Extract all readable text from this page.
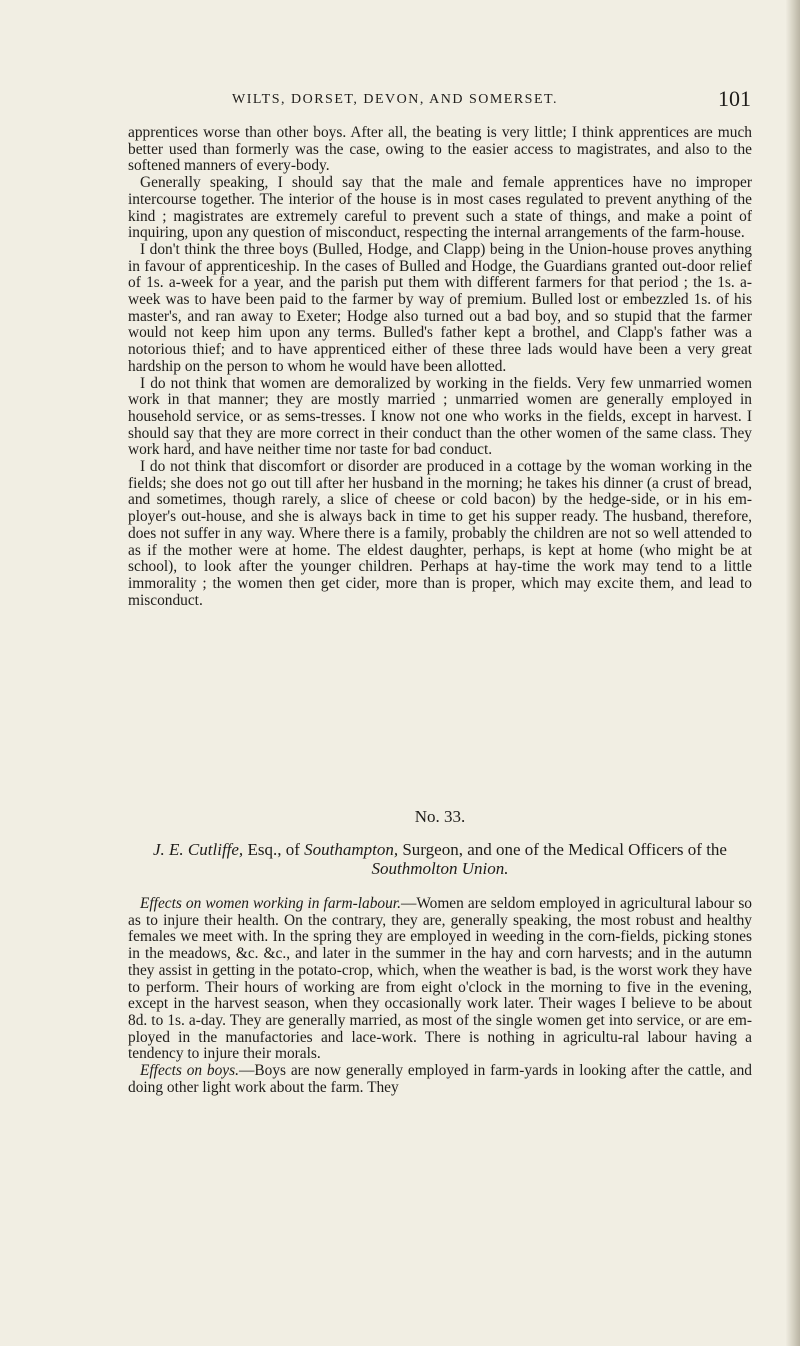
WILTS, DORSET, DEVON, AND SOMERSET.	101

apprentices worse than other boys. After all, the beating is very little; I think apprentices are much better used than formerly was the case, owing to the easier access to magistrates, and also to the softened manners of every-body.

Generally speaking, I should say that the male and female apprentices have no improper intercourse together. The interior of the house is in most cases regulated to prevent anything of the kind ; magistrates are extremely careful to prevent such a state of things, and make a point of inquiring, upon any question of misconduct, respecting the internal arrangements of the farm-house.

I don't think the three boys (Bulled, Hodge, and Clapp) being in the Union-house proves anything in favour of apprenticeship. In the cases of Bulled and Hodge, the Guardians granted out-door relief of 1s. a-week for a year, and the parish put them with different farmers for that period ; the 1s. a-week was to have been paid to the farmer by way of premium. Bulled lost or embezzled 1s. of his master's, and ran away to Exeter; Hodge also turned out a bad boy, and so stupid that the farmer would not keep him upon any terms. Bulled's father kept a brothel, and Clapp's father was a notorious thief; and to have apprenticed either of these three lads would have been a very great hardship on the person to whom he would have been allotted.

I do not think that women are demoralized by working in the fields. Very few unmarried women work in that manner; they are mostly married ; unmarried women are generally employed in household service, or as sems-tresses. I know not one who works in the fields, except in harvest. I should say that they are more correct in their conduct than the other women of the same class. They work hard, and have neither time nor taste for bad conduct.

I do not think that discomfort or disorder are produced in a cottage by the woman working in the fields; she does not go out till after her husband in the morning; he takes his dinner (a crust of bread, and sometimes, though rarely, a slice of cheese or cold bacon) by the hedge-side, or in his em-ployer's out-house, and she is always back in time to get his supper ready. The husband, therefore, does not suffer in any way. Where there is a family, probably the children are not so well attended to as if the mother were at home. The eldest daughter, perhaps, is kept at home (who might be at school), to look after the younger children. Perhaps at hay-time the work may tend to a little immorality ; the women then get cider, more than is proper, which may excite them, and lead to misconduct.

No. 33.
J. E. Cutliffe, Esq., of Southampton, Surgeon, and one of the Medical Officers of the Southmolton Union.

Effects on women working in farm-labour.—Women are seldom employed in agricultural labour so as to injure their health. On the contrary, they are, generally speaking, the most robust and healthy females we meet with. In the spring they are employed in weeding in the corn-fields, picking stones in the meadows, &c. &c., and later in the summer in the hay and corn harvests; and in the autumn they assist in getting in the potato-crop, which, when the weather is bad, is the worst work they have to perform. Their hours of working are from eight o'clock in the morning to five in the evening, except in the harvest season, when they occasionally work later. Their wages I believe to be about 8d. to 1s. a-day. They are generally married, as most of the single women get into service, or are em-ployed in the manufactories and lace-work. There is nothing in agricultu-ral labour having a tendency to injure their morals.

Effects on boys.—Boys are now generally employed in farm-yards in looking after the cattle, and doing other light work about the farm. They
